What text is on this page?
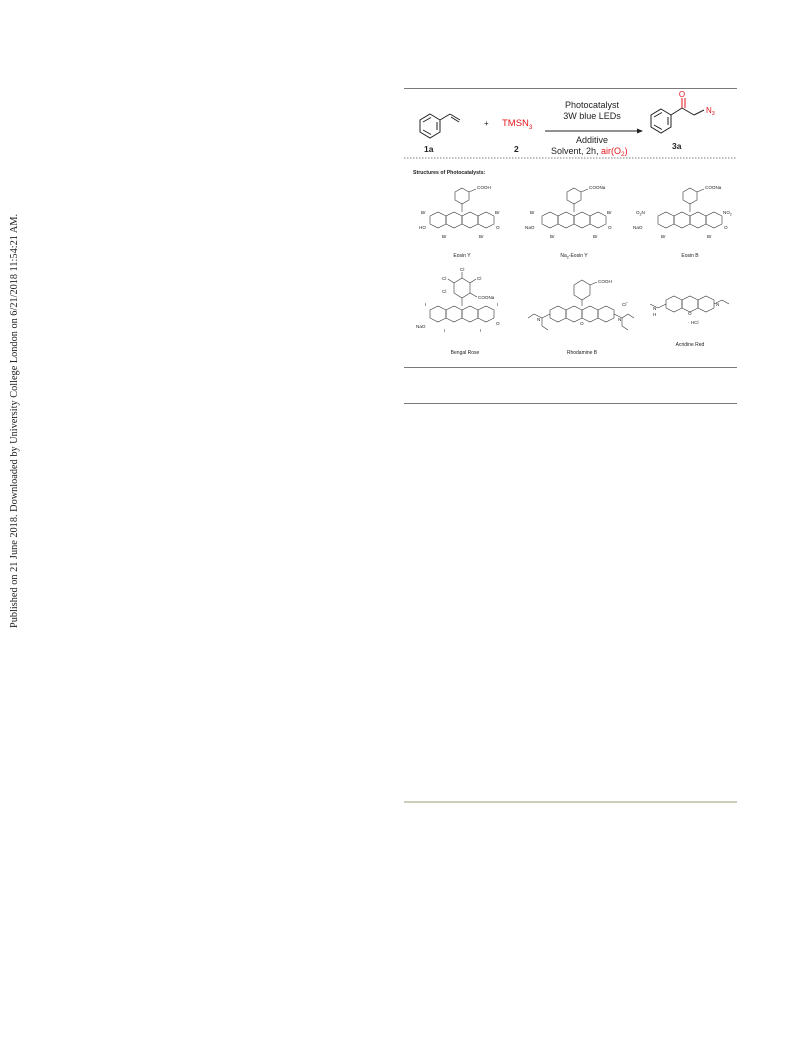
Published on 21 June 2018. Downloaded by University College London on 6/21/2018 11:54:21 AM.
+ $TMSN_3$
Photocatalyst
3W blue LEDs
Additive
Solvent, 2h, $air(O_2)$
O
$N_3$
1a	2	3a
Structures of Photocatalysts:
COOH
Br	Br
HO	O
Br	Br
COONa
Br	Br
NaO	O
Br	Br
COONa
$O_2N$	$NO_2$
NaO	O
Br	Br
Eosin Y	$Na_2$-Eosin Y	Eosin B
Cl
Cl	Cl
Cl
COONa
I	I
NaO
O
I	I
COOH
N	N
O
Cl−
N
H
N
O
· HCl
Bengal Rose	Rhodamine B
Acridine Red
